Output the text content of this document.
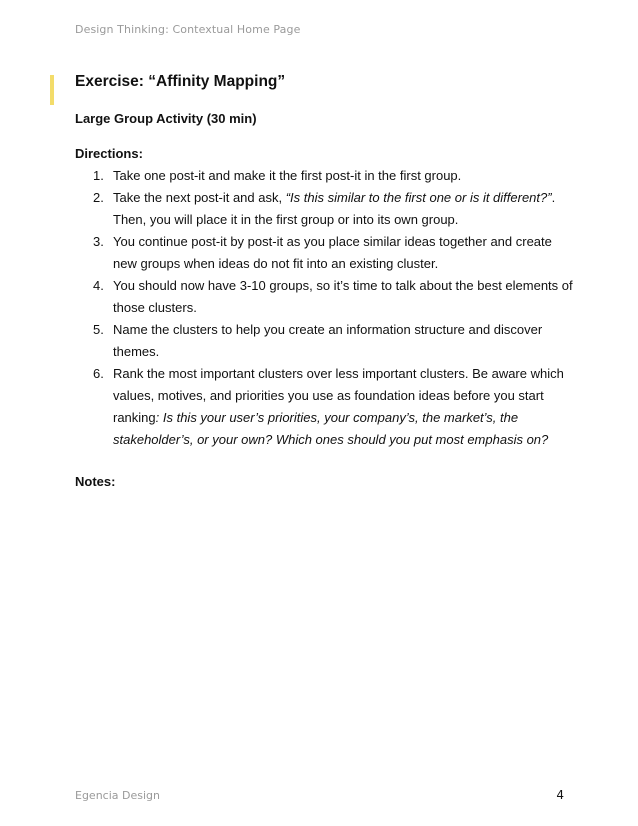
Design Thinking: Contextual Home Page
Exercise: “Affinity Mapping”
Large Group Activity (30 min)
Directions:
1. Take one post-it and make it the first post-it in the first group.
2. Take the next post-it and ask, “Is this similar to the first one or is it different?”. Then, you will place it in the first group or into its own group.
3. You continue post-it by post-it as you place similar ideas together and create new groups when ideas do not fit into an existing cluster.
4. You should now have 3-10 groups, so it’s time to talk about the best elements of those clusters.
5. Name the clusters to help you create an information structure and discover themes.
6. Rank the most important clusters over less important clusters. Be aware which values, motives, and priorities you use as foundation ideas before you start ranking: Is this your user’s priorities, your company’s, the market’s, the stakeholder’s, or your own? Which ones should you put most emphasis on?
Notes:
Egencia Design	4
